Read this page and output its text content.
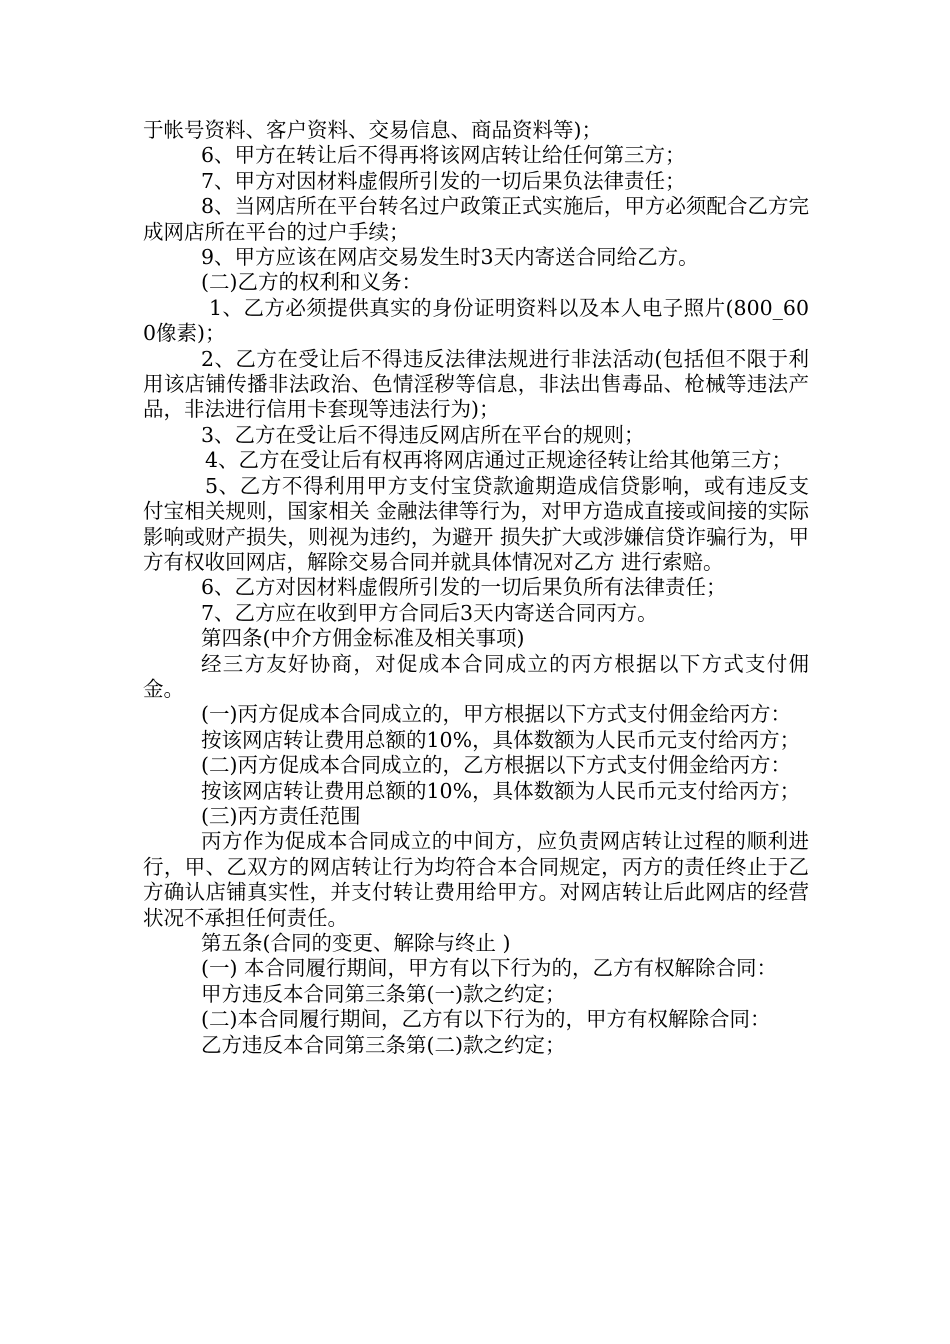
于帐号资料、客户资料、交易信息、商品资料等)；

6、甲方在转让后不得再将该网店转让给任何第三方；

7、甲方对因材料虚假所引发的一切后果负法律责任；

8、当网店所在平台转名过户政策正式实施后，甲方必须配合乙方完成网店所在平台的过户手续；

9、甲方应该在网店交易发生时3天内寄送合同给乙方。

(二)乙方的权利和义务：

1、乙方必须提供真实的身份证明资料以及本人电子照片(800_600像素)；

2、乙方在受让后不得违反法律法规进行非法活动(包括但不限于利用该店铺传播非法政治、色情淫秽等信息，非法出售毒品、枪械等违法产品，非法进行信用卡套现等违法行为)；

3、乙方在受让后不得违反网店所在平台的规则；

4、乙方在受让后有权再将网店通过正规途径转让给其他第三方；

5、乙方不得利用甲方支付宝贷款逾期造成信贷影响，或有违反支付宝相关规则，国家相关 金融法律等行为，对甲方造成直接或间接的实际影响或财产损失，则视为违约，为避开 损失扩大或涉嫌信贷诈骗行为，甲方有权收回网店，解除交易合同并就具体情况对乙方 进行索赔。

6、乙方对因材料虚假所引发的一切后果负所有法律责任；

7、乙方应在收到甲方合同后3天内寄送合同丙方。

第四条(中介方佣金标准及相关事项)

经三方友好协商，对促成本合同成立的丙方根据以下方式支付佣金。

(一)丙方促成本合同成立的，甲方根据以下方式支付佣金给丙方：

按该网店转让费用总额的10%，具体数额为人民币元支付给丙方；

(二)丙方促成本合同成立的，乙方根据以下方式支付佣金给丙方：

按该网店转让费用总额的10%，具体数额为人民币元支付给丙方；

(三)丙方责任范围

丙方作为促成本合同成立的中间方，应负责网店转让过程的顺利进行，甲、乙双方的网店转让行为均符合本合同规定，丙方的责任终止于乙方确认店铺真实性，并支付转让费用给甲方。对网店转让后此网店的经营状况不承担任何责任。

第五条(合同的变更、解除与终止 )

(一) 本合同履行期间，甲方有以下行为的，乙方有权解除合同：

甲方违反本合同第三条第(一)款之约定；

(二)本合同履行期间，乙方有以下行为的，甲方有权解除合同：

乙方违反本合同第三条第(二)款之约定；
